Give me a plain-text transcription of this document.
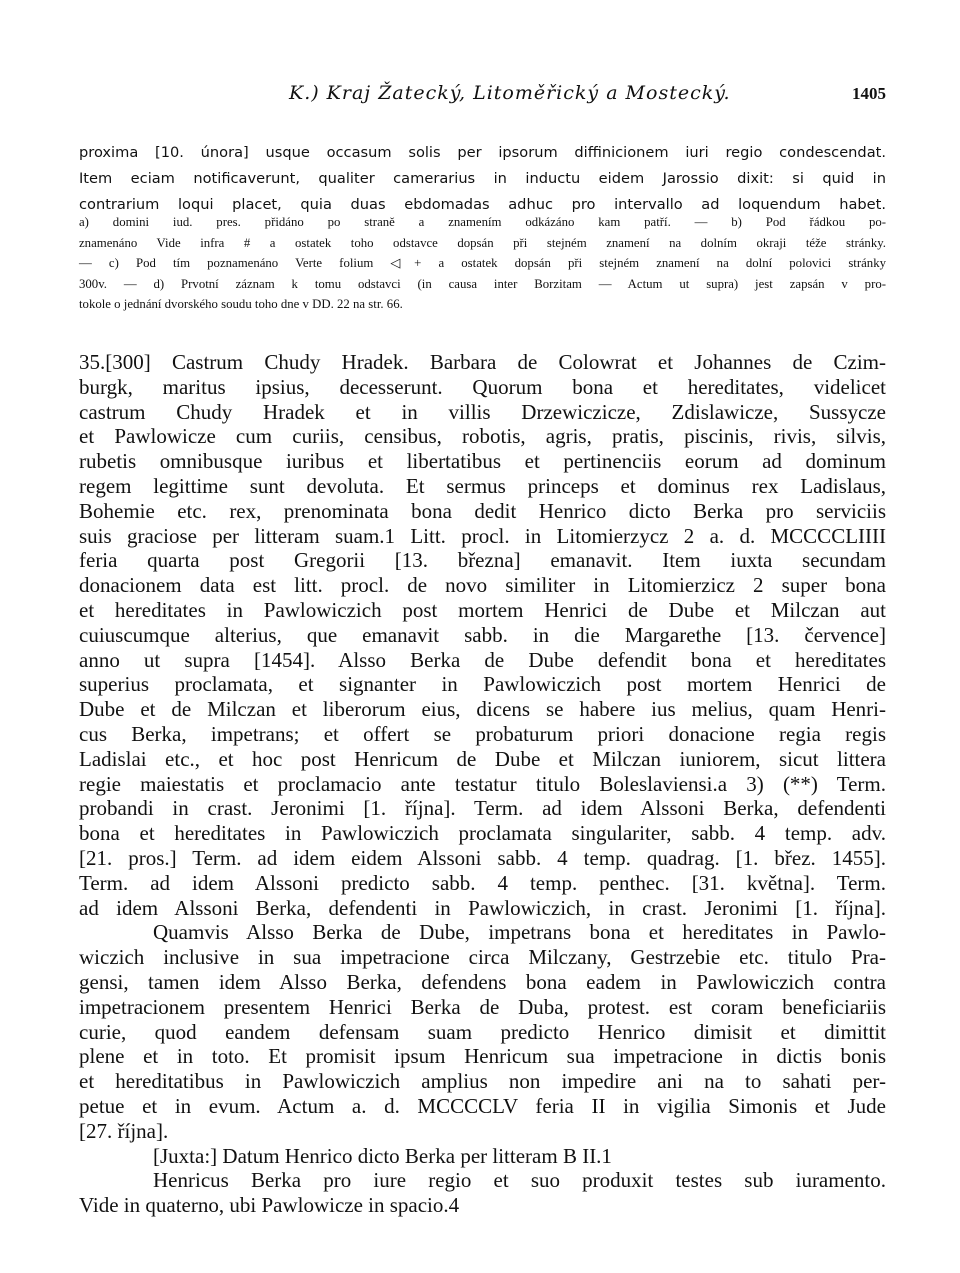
K.) Kraj Žatecký, Litoměřický a Mostecký.	1405
proxima [10. února] usque occasum solis per ipsorum diffinicionem iuri regio condescendat.
Item eciam notificaverunt, qualiter camerarius in inductu eidem Jarossio dixit: si quid in
contrarium loqui placet, quia duas ebdomadas adhuc pro intervallo ad loquendum habet.
a) domini iud. pres. přidáno po straně a znamením odkázáno kam patří. — b) Pod řádkou po-
znamenáno Vide infra # a ostatek toho odstavce dopsán při stejném znamení na dolním okraji téže stránky.
— c) Pod tím poznamenáno Verte folium ◁+ a ostatek dopsán při stejném znamení na dolní polovici stránky
300v. — d) Prvotní záznam k tomu odstavci (in causa inter Borzitam — Actum ut supra) jest zapsán v pro-
tokole o jednání dvorského soudu toho dne v DD. 22 na str. 66.
35.[300] Castrum Chudy Hradek. Barbara de Colowrat et Johannes de Czim-
burgk, maritus ipsius, decesserunt. Quorum bona et hereditates, videlicet
castrum Chudy Hradek et in villis Drzewiczicze, Zdislawicze, Sussycze
et Pawlowicze cum curiis, censibus, robotis, agris, pratis, piscinis, rivis, silvis,
rubetis omnibusque iuribus et libertatibus et pertinenciis eorum ad dominum
regem legittime sunt devoluta. Et sermus princeps et dominus rex Ladislaus,
Bohemie etc. rex, prenominata bona dedit Henrico dicto Berka pro serviciis
suis graciose per litteram suam.1 Litt. procl. in Litomierzycz 2 a. d. MCCCCLIIII
feria quarta post Gregorii [13. března] emanavit. Item iuxta secundam
donacionem data est litt. procl. de novo similiter in Litomierzicz 2 super bona
et hereditates in Pawlowiczich post mortem Henrici de Dube et Milczan aut
cuiuscumque alterius, que emanavit sabb. in die Margarethe [13. července]
anno ut supra [1454]. Alsso Berka de Dube defendit bona et hereditates
superius proclamata, et signanter in Pawlowiczich post mortem Henrici de
Dube et de Milczan et liberorum eius, dicens se habere ius melius, quam Henri-
cus Berka, impetrans; et offert se probaturum priori donacione regia regis
Ladislai etc., et hoc post Henricum de Dube et Milczan iuniorem, sicut littera
regie maiestatis et proclamacio ante testatur titulo Boleslaviensi.a 3) (**) Term.
probandi in crast. Jeronimi [1. října]. Term. ad idem Alssoni Berka, defendenti
bona et hereditates in Pawlowiczich proclamata singulariter, sabb. 4 temp. adv.
[21. pros.] Term. ad idem eidem Alssoni sabb. 4 temp. quadrag. [1. břez. 1455].
Term. ad idem Alssoni predicto sabb. 4 temp. penthec. [31. května]. Term.
ad idem Alssoni Berka, defendenti in Pawlowiczich, in crast. Jeronimi [1. října].
Quamvis Alsso Berka de Dube, impetrans bona et hereditates in Pawlo-
wiczich inclusive in sua impetracione circa Milczany, Gestrzebie etc. titulo Pra-
gensi, tamen idem Alsso Berka, defendens bona eadem in Pawlowiczich contra
impetracionem presentem Henrici Berka de Duba, protest. est coram beneficiariis
curie, quod eandem defensam suam predicto Henrico dimisit et dimittit
plene et in toto. Et promisit ipsum Henricum sua impetracione in dictis bonis
et hereditatibus in Pawlowiczich amplius non impedire ani na to sahati per-
petue et in evum. Actum a. d. MCCCCLV feria II in vigilia Simonis et Jude
[27. října].
[Juxta:] Datum Henrico dicto Berka per litteram B II.1
Henricus Berka pro iure regio et suo produxit testes sub iuramento.
Vide in quaterno, ubi Pawlowicze in spacio.4
